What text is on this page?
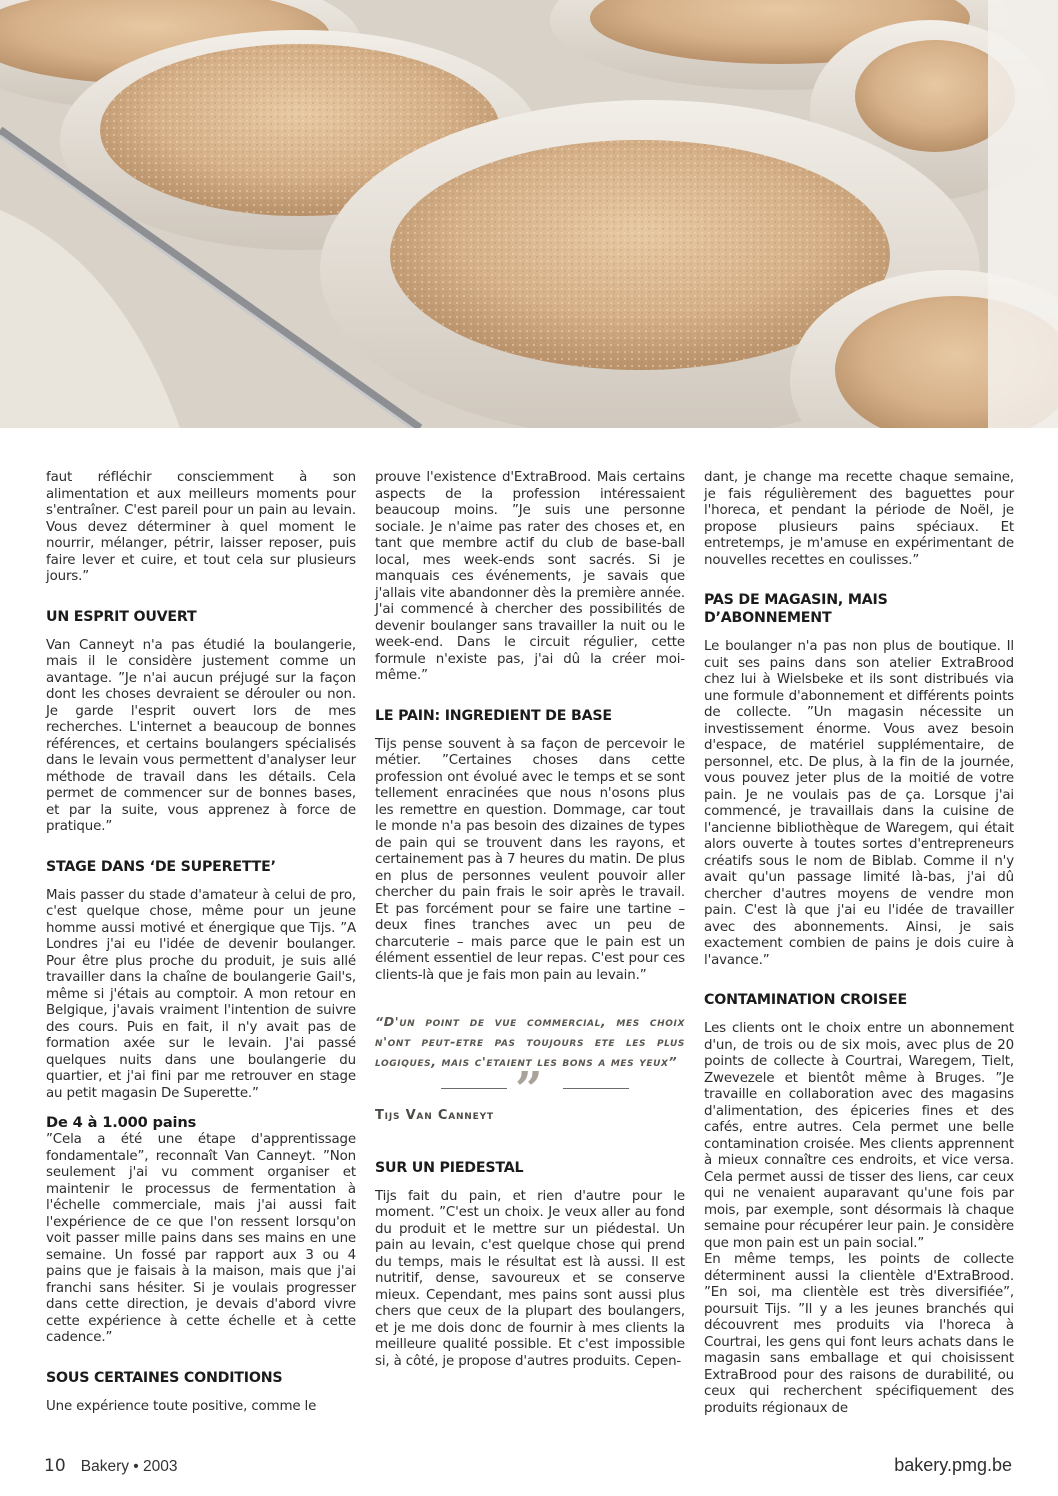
faut réfléchir consciemment à son alimentation et aux meilleurs moments pour s'entraîner. C'est pareil pour un pain au levain. Vous devez déterminer à quel moment le nourrir, mélanger, pétrir, laisser reposer, puis faire lever et cuire, et tout cela sur plusieurs jours.”

UN ESPRIT OUVERT

Van Canneyt n'a pas étudié la boulangerie, mais il le considère justement comme un avantage. ”Je n'ai aucun préjugé sur la façon dont les choses devraient se dérouler ou non. Je garde l'esprit ouvert lors de mes recherches. L'internet a beaucoup de bonnes références, et certains boulangers spécialisés dans le levain vous permettent d'analyser leur méthode de travail dans les détails. Cela permet de commencer sur de bonnes bases, et par la suite, vous apprenez à force de pratique.”

STAGE DANS ‘DE SUPERETTE’

Mais passer du stade d'amateur à celui de pro, c'est quelque chose, même pour un jeune homme aussi motivé et énergique que Tijs. ”A Londres j'ai eu l'idée de devenir boulanger. Pour être plus proche du produit, je suis allé travailler dans la chaîne de boulangerie Gail's, même si j'étais au comptoir. A mon retour en Belgique, j'avais vraiment l'intention de suivre des cours. Puis en fait, il n'y avait pas de formation axée sur le levain. J'ai passé quelques nuits dans une boulangerie du quartier, et j'ai fini par me retrouver en stage au petit magasin De Superette.”

De 4 à 1.000 pains

”Cela a été une étape d'apprentissage fondamentale”, reconnaît Van Canneyt. ”Non seulement j'ai vu comment organiser et maintenir le processus de fermentation à l'échelle commerciale, mais j'ai aussi fait l'expérience de ce que l'on ressent lorsqu'on voit passer mille pains dans ses mains en une semaine. Un fossé par rapport aux 3 ou 4 pains que je faisais à la maison, mais que j'ai franchi sans hésiter. Si je voulais progresser dans cette direction, je devais d'abord vivre cette expérience à cette échelle et à cette cadence.”

SOUS CERTAINES CONDITIONS

Une expérience toute positive, comme le

prouve l'existence d'ExtraBrood. Mais certains aspects de la profession intéressaient beaucoup moins. ”Je suis une personne sociale. Je n'aime pas rater des choses et, en tant que membre actif du club de base-ball local, mes week-ends sont sacrés. Si je manquais ces événements, je savais que j'allais vite abandonner dès la première année. J'ai commencé à chercher des possibilités de devenir boulanger sans travailler la nuit ou le week-end. Dans le circuit régulier, cette formule n'existe pas, j'ai dû la créer moi-même.”

LE PAIN: INGREDIENT DE BASE

Tijs pense souvent à sa façon de percevoir le métier. ”Certaines choses dans cette profession ont évolué avec le temps et se sont tellement enracinées que nous n'osons plus les remettre en question. Dommage, car tout le monde n'a pas besoin des dizaines de types de pain qui se trouvent dans les rayons, et certainement pas à 7 heures du matin. De plus en plus de personnes veulent pouvoir aller chercher du pain frais le soir après le travail. Et pas forcément pour se faire une tartine – deux fines tranches avec un peu de charcuterie – mais parce que le pain est un élément essentiel de leur repas. C'est pour ces clients-là que je fais mon pain au levain.”

“D'un point de vue commercial, mes choix n'ont peut-etre pas toujours ete les plus logiques, mais c'etaient les bons a mes yeux”

”

Tijs Van Canneyt

SUR UN PIEDESTAL

Tijs fait du pain, et rien d'autre pour le moment. ”C'est un choix. Je veux aller au fond du produit et le mettre sur un piédestal. Un pain au levain, c'est quelque chose qui prend du temps, mais le résultat est là aussi. Il est nutritif, dense, savoureux et se conserve mieux. Cependant, mes pains sont aussi plus chers que ceux de la plupart des boulangers, et je me dois donc de fournir à mes clients la meilleure qualité possible. Et c'est impossible si, à côté, je propose d'autres produits. Cepen-

dant, je change ma recette chaque semaine, je fais régulièrement des baguettes pour l'horeca, et pendant la période de Noël, je propose plusieurs pains spéciaux. Et entretemps, je m'amuse en expérimentant de nouvelles recettes en coulisses.”

PAS DE MAGASIN, MAIS D’ABONNEMENT

Le boulanger n'a pas non plus de boutique. Il cuit ses pains dans son atelier ExtraBrood chez lui à Wielsbeke et ils sont distribués via une formule d'abonnement et différents points de collecte. ”Un magasin nécessite un investissement énorme. Vous avez besoin d'espace, de matériel supplémentaire, de personnel, etc. De plus, à la fin de la journée, vous pouvez jeter plus de la moitié de votre pain. Je ne voulais pas de ça. Lorsque j'ai commencé, je travaillais dans la cuisine de l'ancienne bibliothèque de Waregem, qui était alors ouverte à toutes sortes d'entrepreneurs créatifs sous le nom de Biblab. Comme il n'y avait qu'un passage limité là-bas, j'ai dû chercher d'autres moyens de vendre mon pain. C'est là que j'ai eu l'idée de travailler avec des abonnements. Ainsi, je sais exactement combien de pains je dois cuire à l'avance.”

CONTAMINATION CROISEE

Les clients ont le choix entre un abonnement d'un, de trois ou de six mois, avec plus de 20 points de collecte à Courtrai, Waregem, Tielt, Zwevezele et bientôt même à Bruges. ”Je travaille en collaboration avec des magasins d'alimentation, des épiceries fines et des cafés, entre autres. Cela permet une belle contamination croisée. Mes clients apprennent à mieux connaître ces endroits, et vice versa. Cela permet aussi de tisser des liens, car ceux qui ne venaient auparavant qu'une fois par mois, par exemple, sont désormais là chaque semaine pour récupérer leur pain. Je considère que mon pain est un pain social.”

En même temps, les points de collecte déterminent aussi la clientèle d'ExtraBrood. ”En soi, ma clientèle est très diversifiée”, poursuit Tijs. ”Il y a les jeunes branchés qui découvrent mes produits via l'horeca à Courtrai, les gens qui font leurs achats dans le magasin sans emballage et qui choisissent ExtraBrood pour des raisons de durabilité, ou ceux qui recherchent spécifiquement des produits régionaux de

10 Bakery • 2003	bakery.pmg.be
